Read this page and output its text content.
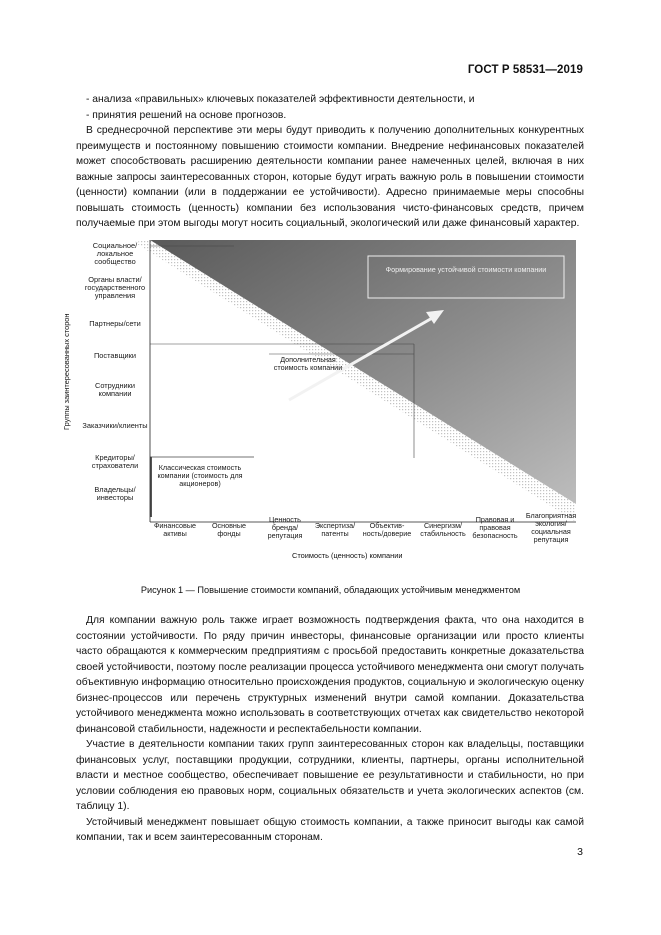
ГОСТ Р 58531—2019

- анализа «правильных» ключевых показателей эффективности деятельности, и

- принятия решений на основе прогнозов.

В среднесрочной перспективе эти меры будут приводить к получению дополнительных конкурентных преимуществ и постоянному повышению стоимости компании. Внедрение нефинансовых показателей может способствовать расширению деятельности компании ранее намеченных целей, включая в них важные запросы заинтересованных сторон, которые будут играть важную роль в повышении стоимости (ценности) компании (или в поддержании ее устойчивости). Адресно принимаемые меры способны повышать стоимость (ценность) компании без использования чисто-финансовых средств, причем получаемые при этом выгоды могут носить социальный, экологический или даже финансовый характер.

Группы заинтересованных сторон
Социальное/ локальное сообщество
Органы власти/ государственного управления
Партнеры/сети
Поставщики
Сотрудники компании
Заказчики/клиенты
Кредиторы/ страхователи
Владельцы/ инвесторы
Финансовые активы
Основные фонды
Ценность бренда/ репутация
Экспертиза/ патенты
Объектив-ность/доверие
Синергизм/ стабильность
Правовая и правовая безопасность
Благоприятная экология/ социальная репутация
Стоимость (ценность) компании
Классическая стоимость компании (стоимость для акционеров)
Дополнительная стоимость компании
Формирование устойчивой стоимости компании
Рисунок 1 — Повышение стоимости компаний, обладающих устойчивым менеджментом

Для компании важную роль также играет возможность подтверждения факта, что она находится в состоянии устойчивости. По ряду причин инвесторы, финансовые организации или просто клиенты часто обращаются к коммерческим предприятиям с просьбой предоставить конкретные доказательства своей устойчивости, поэтому после реализации процесса устойчивого менеджмента они смогут получать объективную информацию относительно происхождения продуктов, социальную и экологическую оценку бизнес-процессов или перечень структурных изменений внутри самой компании. Доказательства устойчивого менеджмента можно использовать в соответствующих отчетах как свидетельство некоторой финансовой стабильности, надежности и респектабельности компании.

Участие в деятельности компании таких групп заинтересованных сторон как владельцы, поставщики финансовых услуг, поставщики продукции, сотрудники, клиенты, партнеры, органы исполнительной власти и местное сообщество, обеспечивает повышение ее результативности и стабильности, но при условии соблюдения ею правовых норм, социальных обязательств и учета экологических аспектов (см. таблицу 1).

Устойчивый менеджмент повышает общую стоимость компании, а также приносит выгоды как самой компании, так и всем заинтересованным сторонам.

3
